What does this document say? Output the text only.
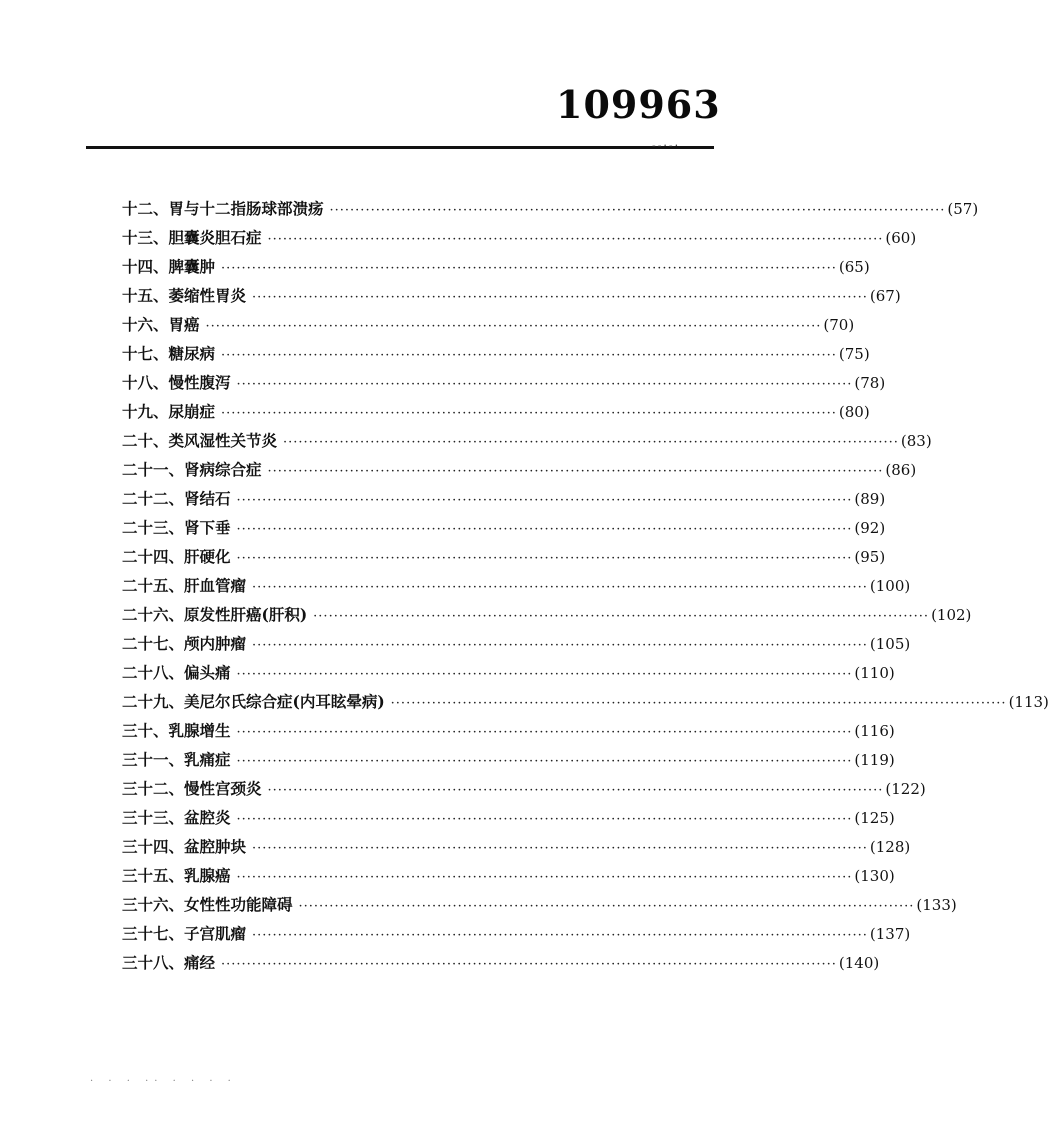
109963
--·-·
十二、胃与十二指肠球部溃疡 ························································································································ (57)
十三、胆囊炎胆石症 ························································································································ (60)
十四、脾囊肿 ························································································································ (65)
十五、萎缩性胃炎 ························································································································ (67)
十六、胃癌 ························································································································ (70)
十七、糖尿病 ························································································································ (75)
十八、慢性腹泻 ························································································································ (78)
十九、尿崩症 ························································································································ (80)
二十、类风湿性关节炎 ························································································································ (83)
二十一、肾病综合症 ························································································································ (86)
二十二、肾结石 ························································································································ (89)
二十三、肾下垂 ························································································································ (92)
二十四、肝硬化 ························································································································ (95)
二十五、肝血管瘤 ························································································································ (100)
二十六、原发性肝癌(肝积) ························································································································ (102)
二十七、颅内肿瘤 ························································································································ (105)
二十八、偏头痛 ························································································································ (110)
二十九、美尼尔氏综合症(内耳眩晕病) ························································································································ (113)
三十、乳腺增生 ························································································································ (116)
三十一、乳痛症 ························································································································ (119)
三十二、慢性宫颈炎 ························································································································ (122)
三十三、盆腔炎 ························································································································ (125)
三十四、盆腔肿块 ························································································································ (128)
三十五、乳腺癌 ························································································································ (130)
三十六、女性性功能障碍 ························································································································ (133)
三十七、子宫肌瘤 ························································································································ (137)
三十八、痛经 ························································································································ (140)
· · · ·· · · · ·
